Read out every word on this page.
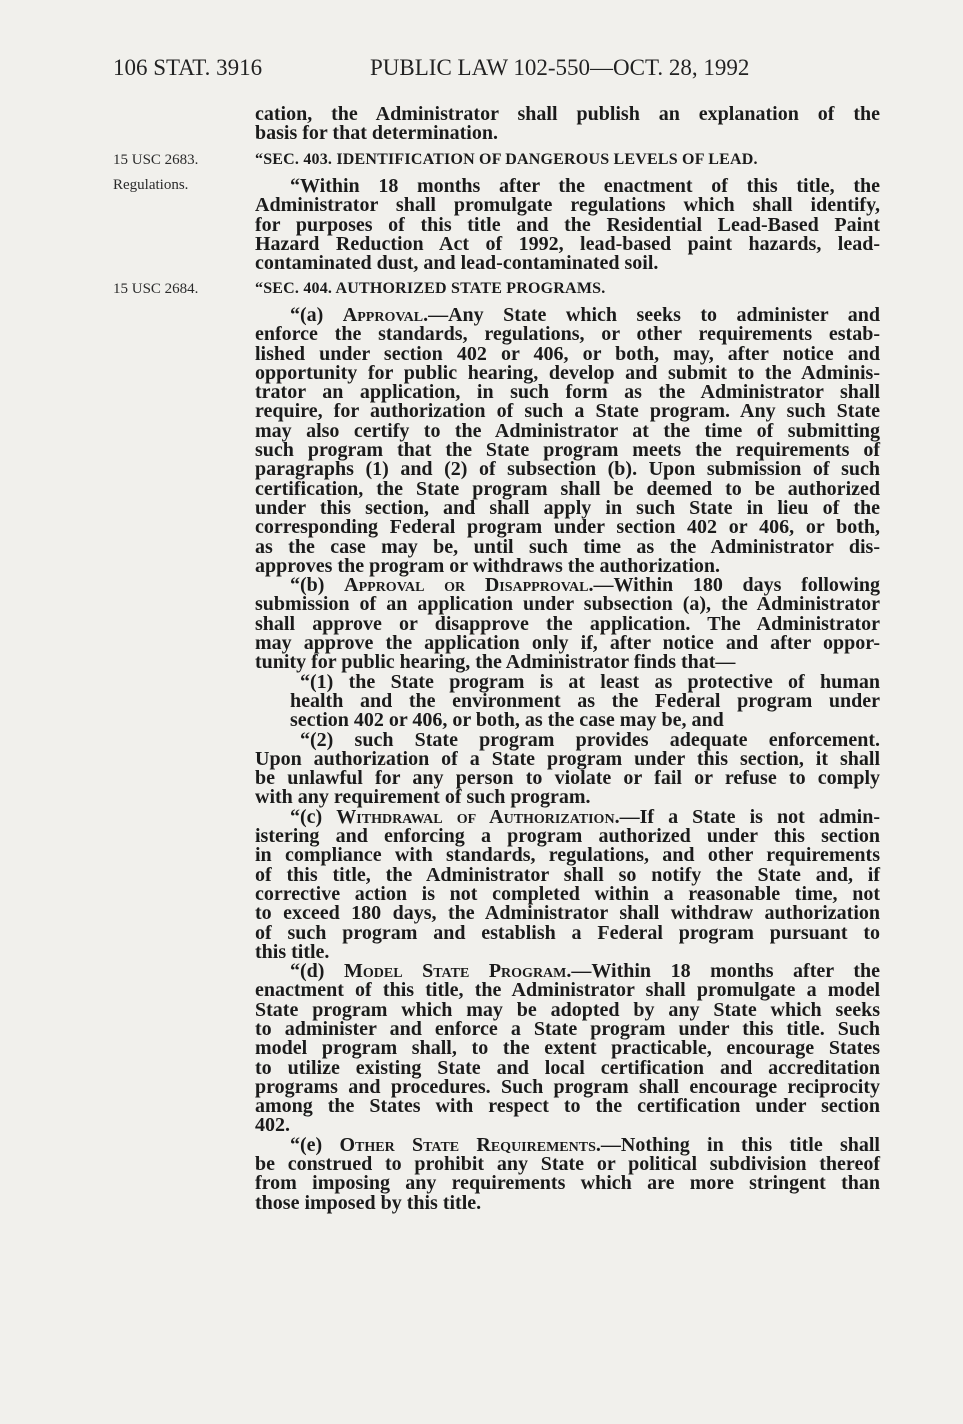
106 STAT. 3916	PUBLIC LAW 102-550—OCT. 28, 1992
15 USC 2683.
Regulations.
15 USC 2684.
cation, the Administrator shall publish an explanation of the
basis for that determination.
“SEC. 403. IDENTIFICATION OF DANGEROUS LEVELS OF LEAD.
“Within 18 months after the enactment of this title, the
Administrator shall promulgate regulations which shall identify,
for purposes of this title and the Residential Lead-Based Paint
Hazard Reduction Act of 1992, lead-based paint hazards, lead-
contaminated dust, and lead-contaminated soil.
“SEC. 404. AUTHORIZED STATE PROGRAMS.
“(a) Approval.—Any State which seeks to administer and
enforce the standards, regulations, or other requirements estab-
lished under section 402 or 406, or both, may, after notice and
opportunity for public hearing, develop and submit to the Adminis-
trator an application, in such form as the Administrator shall
require, for authorization of such a State program. Any such State
may also certify to the Administrator at the time of submitting
such program that the State program meets the requirements of
paragraphs (1) and (2) of subsection (b). Upon submission of such
certification, the State program shall be deemed to be authorized
under this section, and shall apply in such State in lieu of the
corresponding Federal program under section 402 or 406, or both,
as the case may be, until such time as the Administrator dis-
approves the program or withdraws the authorization.
“(b) Approval or Disapproval.—Within 180 days following
submission of an application under subsection (a), the Administrator
shall approve or disapprove the application. The Administrator
may approve the application only if, after notice and after oppor-
tunity for public hearing, the Administrator finds that—
“(1) the State program is at least as protective of human
health and the environment as the Federal program under
section 402 or 406, or both, as the case may be, and
“(2) such State program provides adequate enforcement.
Upon authorization of a State program under this section, it shall
be unlawful for any person to violate or fail or refuse to comply
with any requirement of such program.
“(c) Withdrawal of Authorization.—If a State is not admin-
istering and enforcing a program authorized under this section
in compliance with standards, regulations, and other requirements
of this title, the Administrator shall so notify the State and, if
corrective action is not completed within a reasonable time, not
to exceed 180 days, the Administrator shall withdraw authorization
of such program and establish a Federal program pursuant to
this title.
“(d) Model State Program.—Within 18 months after the
enactment of this title, the Administrator shall promulgate a model
State program which may be adopted by any State which seeks
to administer and enforce a State program under this title. Such
model program shall, to the extent practicable, encourage States
to utilize existing State and local certification and accreditation
programs and procedures. Such program shall encourage reciprocity
among the States with respect to the certification under section
402.
“(e) Other State Requirements.—Nothing in this title shall
be construed to prohibit any State or political subdivision thereof
from imposing any requirements which are more stringent than
those imposed by this title.
